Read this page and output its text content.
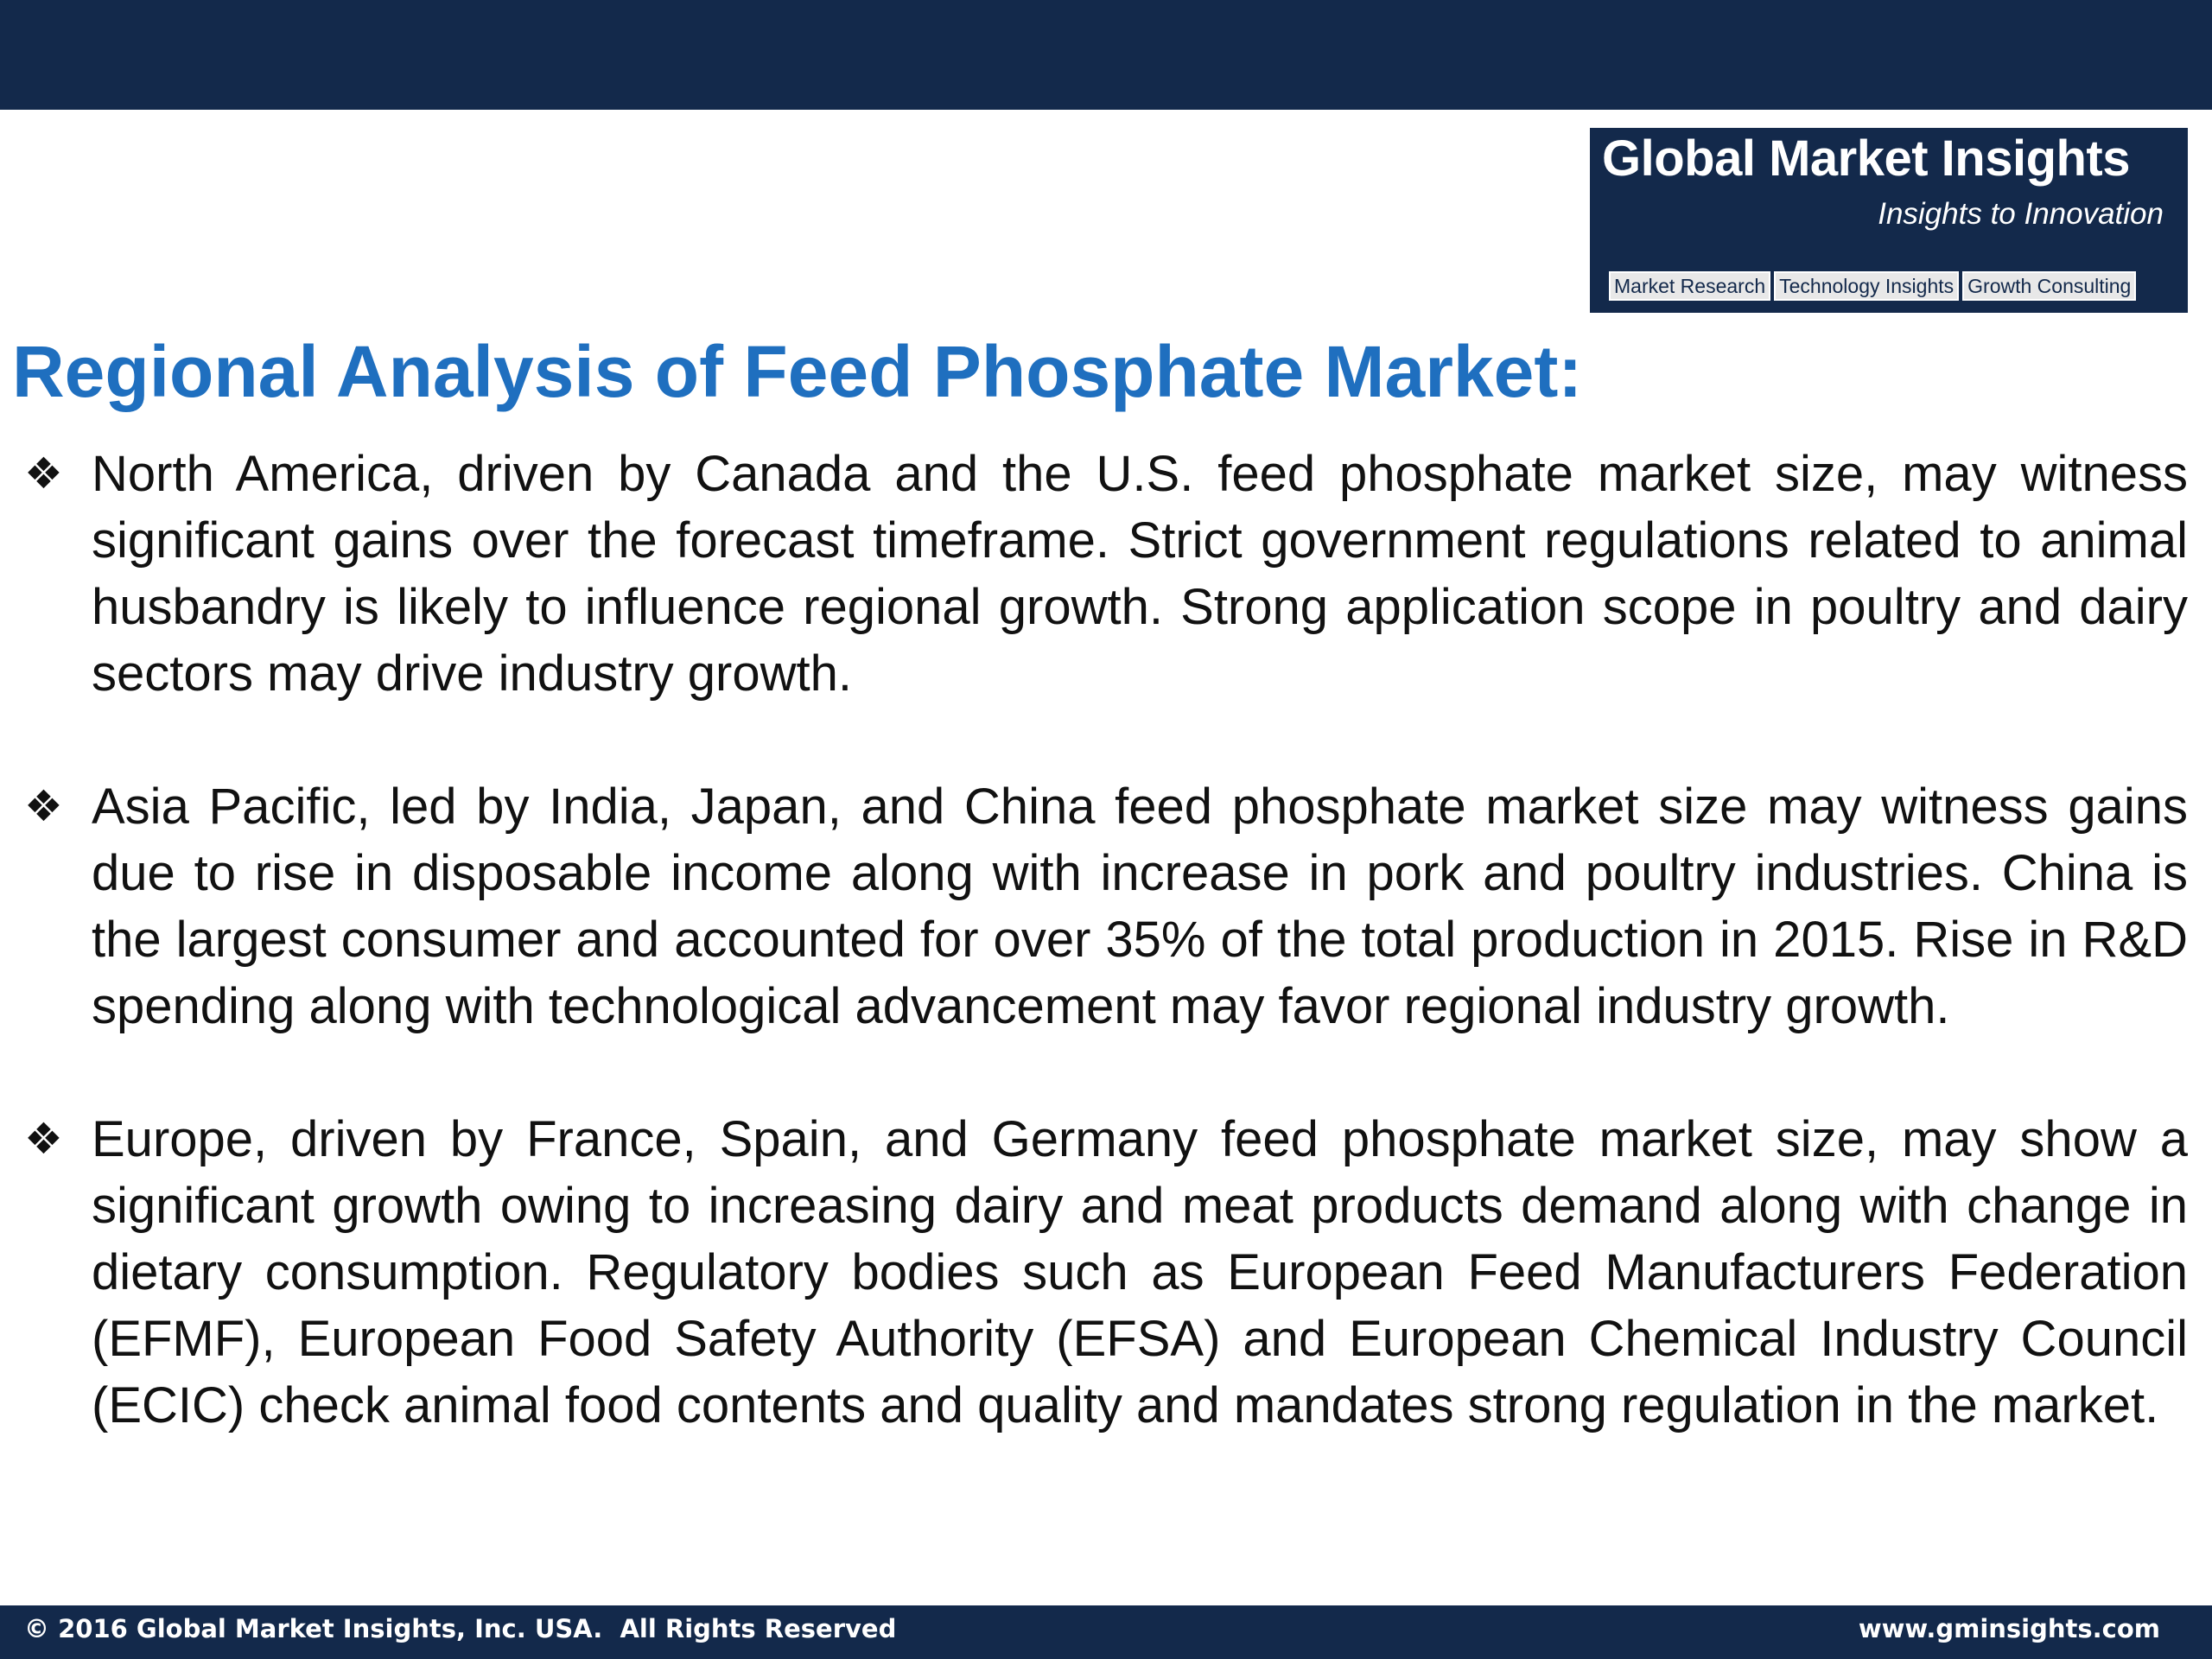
Global Market Insights
Insights to Innovation
Market Research Technology Insights Growth Consulting
Regional Analysis of Feed Phosphate Market:
❖ North America, driven by Canada and the U.S. feed phosphate market size, may witness significant gains over the forecast timeframe. Strict government regulations related to animal husbandry is likely to influence regional growth. Strong application scope in poultry and dairy sectors may drive industry growth.
❖ Asia Pacific, led by India, Japan, and China feed phosphate market size may witness gains due to rise in disposable income along with increase in pork and poultry industries. China is the largest consumer and accounted for over 35% of the total production in 2015. Rise in R&D spending along with technological advancement may favor regional industry growth.
❖ Europe, driven by France, Spain, and Germany feed phosphate market size, may show a significant growth owing to increasing dairy and meat products demand along with change in dietary consumption. Regulatory bodies such as European Feed Manufacturers Federation (EFMF), European Food Safety Authority (EFSA) and European Chemical Industry Council (ECIC) check animal food contents and quality and mandates strong regulation in the market.
© 2016 Global Market Insights, Inc. USA.  All Rights Reserved	www.gminsights.com
